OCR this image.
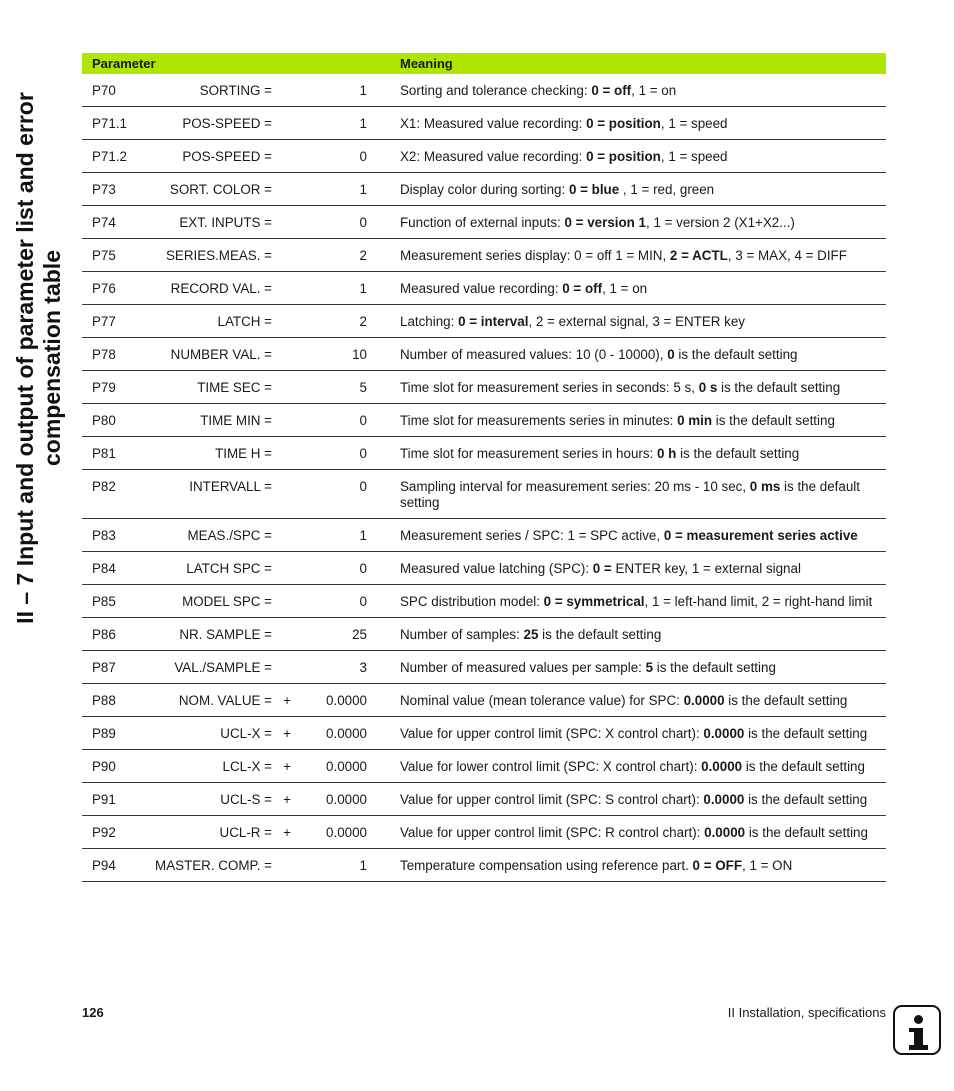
II – 7 Input and output of parameter list and error compensation table
Parameter				Meaning
P70	SORTING =		1	Sorting and tolerance checking: 0 = off, 1 = on
P71.1	POS-SPEED =		1	X1: Measured value recording: 0 = position, 1 = speed
P71.2	POS-SPEED =		0	X2: Measured value recording: 0 = position, 1 = speed
P73	SORT. COLOR =		1	Display color during sorting: 0 = blue , 1 = red, green
P74	EXT. INPUTS =		0	Function of external inputs: 0 = version 1, 1 = version 2 (X1+X2...)
P75	SERIES.MEAS. =		2	Measurement series display: 0 = off 1 = MIN, 2 = ACTL, 3 = MAX, 4 = DIFF
P76	RECORD VAL. =		1	Measured value recording: 0 = off, 1 = on
P77	LATCH =		2	Latching: 0 = interval, 2 = external signal, 3 = ENTER key
P78	NUMBER VAL. =		10	Number of measured values: 10 (0 - 10000), 0 is the default setting
P79	TIME SEC =		5	Time slot for measurement series in seconds: 5 s, 0 s is the default setting
P80	TIME MIN =		0	Time slot for measurements series in minutes: 0 min is the default setting
P81	TIME H =		0	Time slot for measurement series in hours: 0 h is the default setting
P82	INTERVALL =		0	Sampling interval for measurement series: 20 ms - 10 sec, 0 ms is the default setting
P83	MEAS./SPC =		1	Measurement series / SPC: 1 = SPC active, 0 = measurement series active
P84	LATCH SPC =		0	Measured value latching (SPC): 0 = ENTER key, 1 = external signal
P85	MODEL SPC =		0	SPC distribution model: 0 = symmetrical, 1 = left-hand limit, 2 = right-hand limit
P86	NR. SAMPLE =		25	Number of samples: 25 is the default setting
P87	VAL./SAMPLE =		3	Number of measured values per sample: 5 is the default setting
P88	NOM. VALUE =	+	0.0000	Nominal value (mean tolerance value) for SPC: 0.0000 is the default setting
P89	UCL-X =	+	0.0000	Value for upper control limit (SPC: X control chart): 0.0000 is the default setting
P90	LCL-X =	+	0.0000	Value for lower control limit (SPC: X control chart): 0.0000 is the default setting
P91	UCL-S =	+	0.0000	Value for upper control limit (SPC: S control chart): 0.0000 is the default setting
P92	UCL-R =	+	0.0000	Value for upper control limit (SPC: R control chart): 0.0000 is the default setting
P94	MASTER. COMP. =		1	Temperature compensation using reference part. 0 = OFF, 1 = ON
126	II Installation, specifications
